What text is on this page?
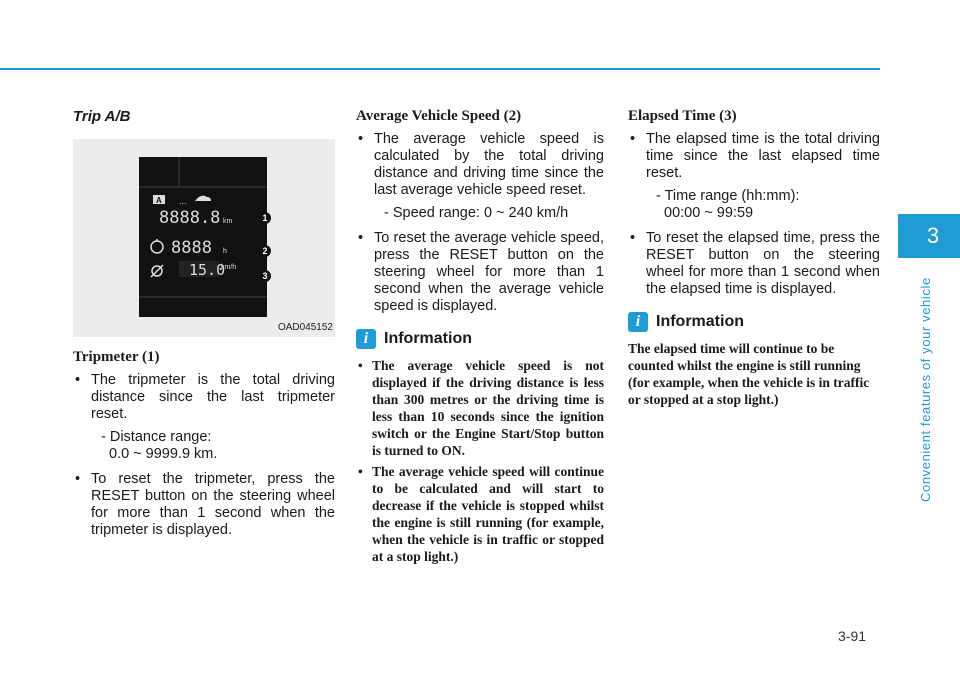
3
Convenient features of your vehicle
Trip A/B
A ...
8888.8 km
8888 h
15.0
km/h
1
2
3
OAD045152
Tripmeter (1)
• The tripmeter is the total driving distance since the last tripmeter reset.
- Distance range:
0.0 ~ 9999.9 km.
• To reset the tripmeter, press the RESET button on the steering wheel for more than 1 second when the tripmeter is displayed.
Average Vehicle Speed (2)
• The average vehicle speed is calculated by the total driving distance and driving time since the last average vehicle speed reset.
- Speed range: 0 ~ 240 km/h
• To reset the average vehicle speed, press the RESET button on the steering wheel for more than 1 second when the average vehicle speed is displayed.
i Information
• The average vehicle speed is not displayed if the driving distance is less than 300 metres or the driving time is less than 10 seconds since the ignition switch or the Engine Start/Stop button is turned to ON.
• The average vehicle speed will continue to be calculated and will start to decrease if the vehicle is stopped whilst the engine is still running (for example, when the vehicle is in traffic or stopped at a stop light.)
Elapsed Time (3)
• The elapsed time is the total driving time since the last elapsed time reset.
- Time range (hh:mm):
00:00 ~ 99:59
• To reset the elapsed time, press the RESET button on the steering wheel for more than 1 second when the elapsed time is displayed.
i Information
The elapsed time will continue to be counted whilst the engine is still running (for example, when the vehicle is in traffic or stopped at a stop light.)
3-91
